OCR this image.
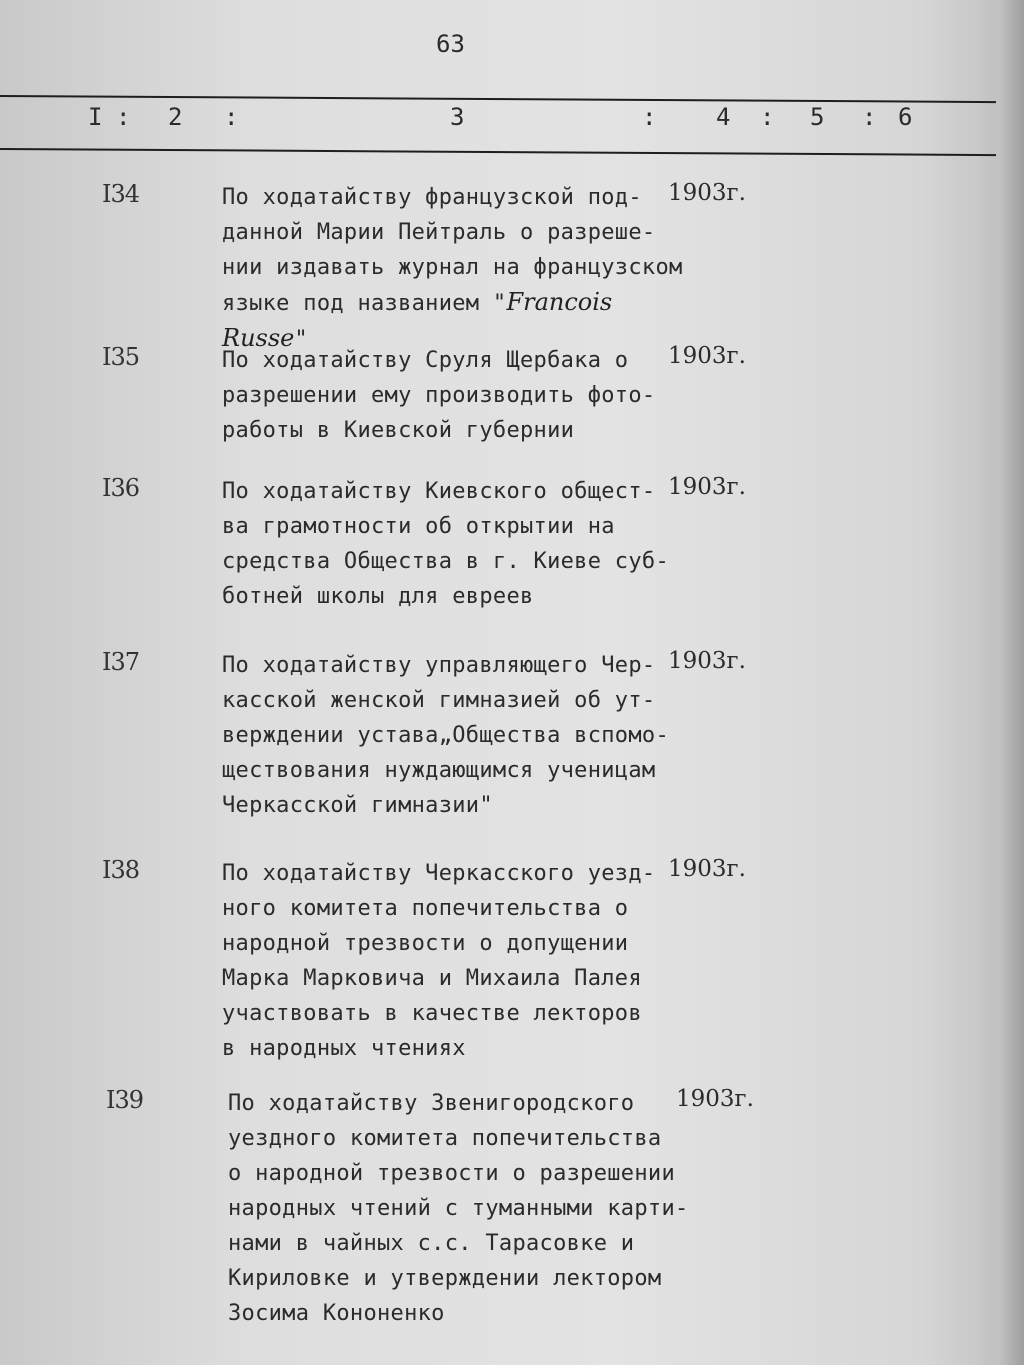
63
I : 2 :	3	: 4 : 5 : 6
I34	По ходатайству французской под-
данной Марии Пейтраль о разреше-
нии издавать журнал на французском
языке под названием "Francois
Russe"
1903г.
I35	По ходатайству Сруля Щербака о
разрешении ему производить фото-
работы в Киевской губернии
1903г.
I36	По ходатайству Киевского общест-
ва грамотности об открытии на
средства Общества в г. Киеве суб-
ботней школы для евреев
1903г.
I37	По ходатайству управляющего Чер-
касской женской гимназией об ут-
верждении устава„Общества вспомо-
ществования нуждающимся ученицам
Черкасской гимназии"
1903г.
I38	По ходатайству Черкасского уезд-
ного комитета попечительства о
народной трезвости о допущении
Марка Марковича и Михаила Палея
участвовать в качестве лекторов
в народных чтениях
1903г.
I39	По ходатайству Звенигородского
уездного комитета попечительства
о народной трезвости о разрешении
народных чтений с туманными карти-
нами в чайных с.с. Тарасовке и
Кириловке и утверждении лектором
Зосима Кононенко
1903г.
